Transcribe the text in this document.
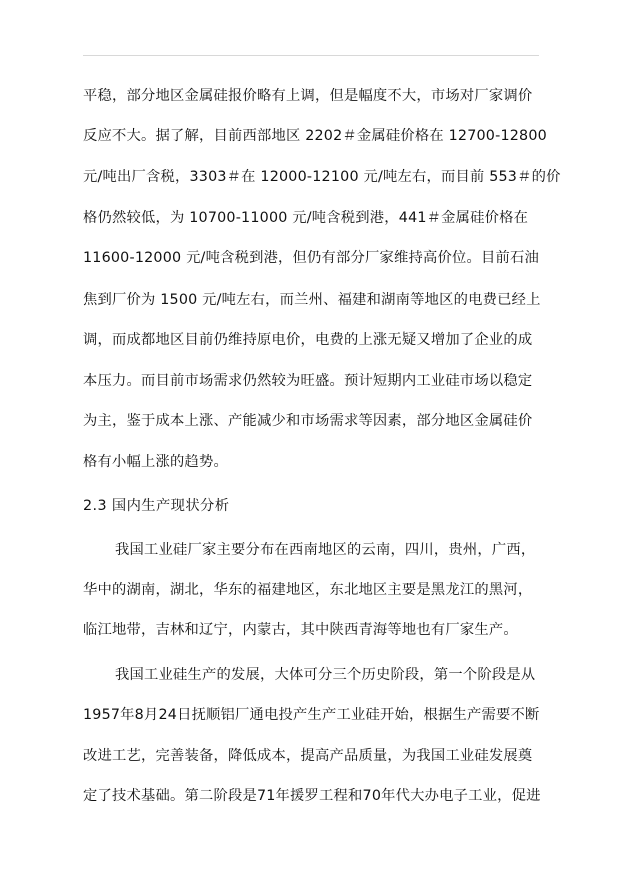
平稳，部分地区金属硅报价略有上调，但是幅度不大，市场对厂家调价
反应不大。据了解，目前西部地区 2202＃金属硅价格在 12700-12800
元/吨出厂含税，3303＃在 12000-12100 元/吨左右，而目前 553＃的价
格仍然较低，为 10700-11000 元/吨含税到港，441＃金属硅价格在
11600-12000 元/吨含税到港，但仍有部分厂家维持高价位。目前石油
焦到厂价为 1500 元/吨左右，而兰州、福建和湖南等地区的电费已经上
调，而成都地区目前仍维持原电价，电费的上涨无疑又增加了企业的成
本压力。而目前市场需求仍然较为旺盛。预计短期内工业硅市场以稳定
为主，鉴于成本上涨、产能减少和市场需求等因素，部分地区金属硅价
格有小幅上涨的趋势。
2.3 国内生产现状分析
我国工业硅厂家主要分布在西南地区的云南，四川，贵州，广西，
华中的湖南，湖北，华东的福建地区，东北地区主要是黑龙江的黑河，
临江地带，吉林和辽宁，内蒙古，其中陕西青海等地也有厂家生产。
我国工业硅生产的发展，大体可分三个历史阶段，第一个阶段是从
1957年8月24日抚顺铝厂通电投产生产工业硅开始，根据生产需要不断
改进工艺，完善装备，降低成本，提高产品质量，为我国工业硅发展奠
定了技术基础。第二阶段是71年援罗工程和70年代大办电子工业，促进
